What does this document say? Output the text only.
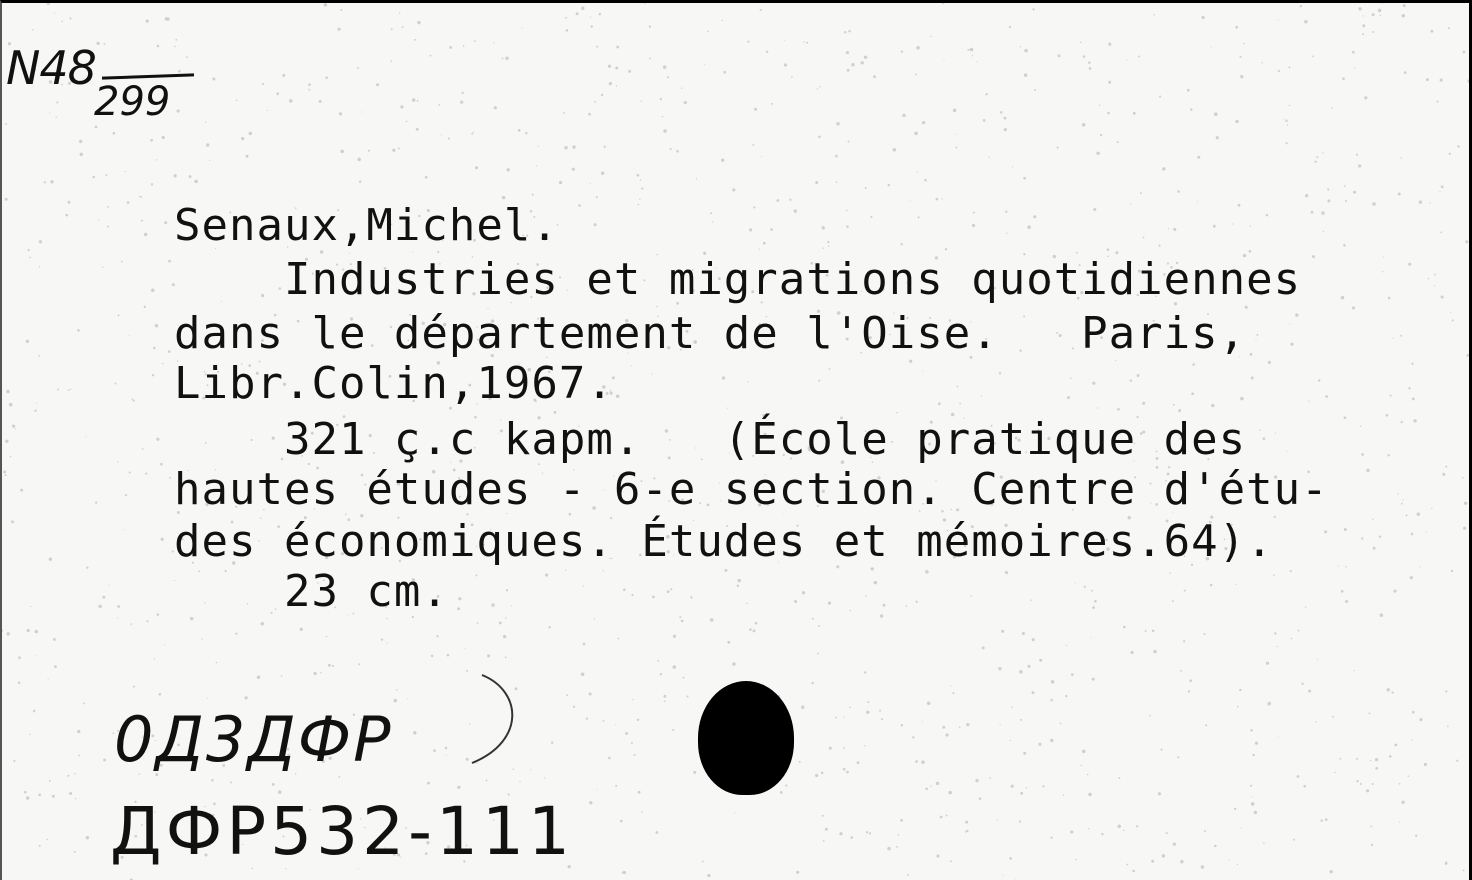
N48
299

Senaux,Michel.

Industries et migrations quotidiennes

dans le département de l'Oise.   Paris,

Libr.Colin,1967.

321 ç.c kapm.   (École pratique des

hautes études - 6-e section. Centre d'étu-

des économiques. Études et mémoires.64).

23 cm.

0Д3ДФР
ДФР532-111
